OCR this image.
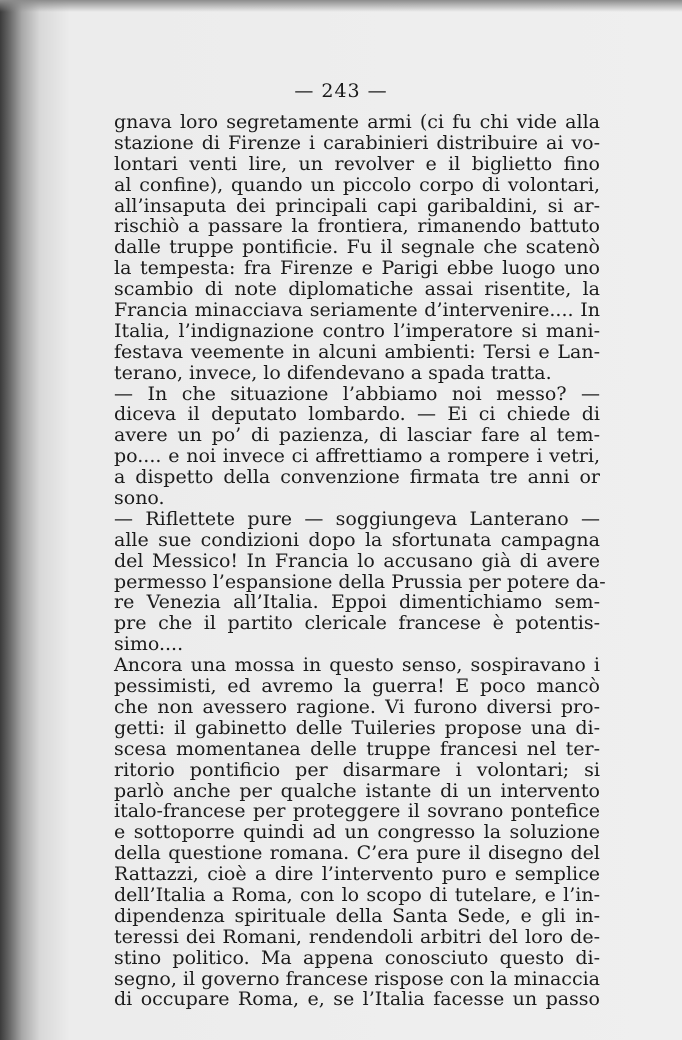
— 243 —
gnava loro segretamente armi (ci fu chi vide alla
stazione di Firenze i carabinieri distribuire ai vo-
lontari venti lire, un revolver e il biglietto fino
al confine), quando un piccolo corpo di volontari,
all’insaputa dei principali capi garibaldini, si ar-
rischiò a passare la frontiera, rimanendo battuto
dalle truppe pontificie. Fu il segnale che scatenò
la tempesta: fra Firenze e Parigi ebbe luogo uno
scambio di note diplomatiche assai risentite, la
Francia minacciava seriamente d’intervenire.... In
Italia, l’indignazione contro l’imperatore si mani-
festava veemente in alcuni ambienti: Tersi e Lan-
terano, invece, lo difendevano a spada tratta.
— In che situazione l’abbiamo noi messo? —
diceva il deputato lombardo. — Ei ci chiede di
avere un po’ di pazienza, di lasciar fare al tem-
po.... e noi invece ci affrettiamo a rompere i vetri,
a dispetto della convenzione firmata tre anni or
sono.
— Riflettete pure — soggiungeva Lanterano —
alle sue condizioni dopo la sfortunata campagna
del Messico! In Francia lo accusano già di avere
permesso l’espansione della Prussia per potere da-
re Venezia all’Italia. Eppoi dimentichiamo sem-
pre che il partito clericale francese è potentis-
simo....
Ancora una mossa in questo senso, sospiravano i
pessimisti, ed avremo la guerra! E poco mancò
che non avessero ragione. Vi furono diversi pro-
getti: il gabinetto delle Tuileries propose una di-
scesa momentanea delle truppe francesi nel ter-
ritorio pontificio per disarmare i volontari; si
parlò anche per qualche istante di un intervento
italo-francese per proteggere il sovrano pontefice
e sottoporre quindi ad un congresso la soluzione
della questione romana. C’era pure il disegno del
Rattazzi, cioè a dire l’intervento puro e semplice
dell’Italia a Roma, con lo scopo di tutelare, e l’in-
dipendenza spirituale della Santa Sede, e gli in-
teressi dei Romani, rendendoli arbitri del loro de-
stino politico. Ma appena conosciuto questo di-
segno, il governo francese rispose con la minaccia
di occupare Roma, e, se l’Italia facesse un passo
